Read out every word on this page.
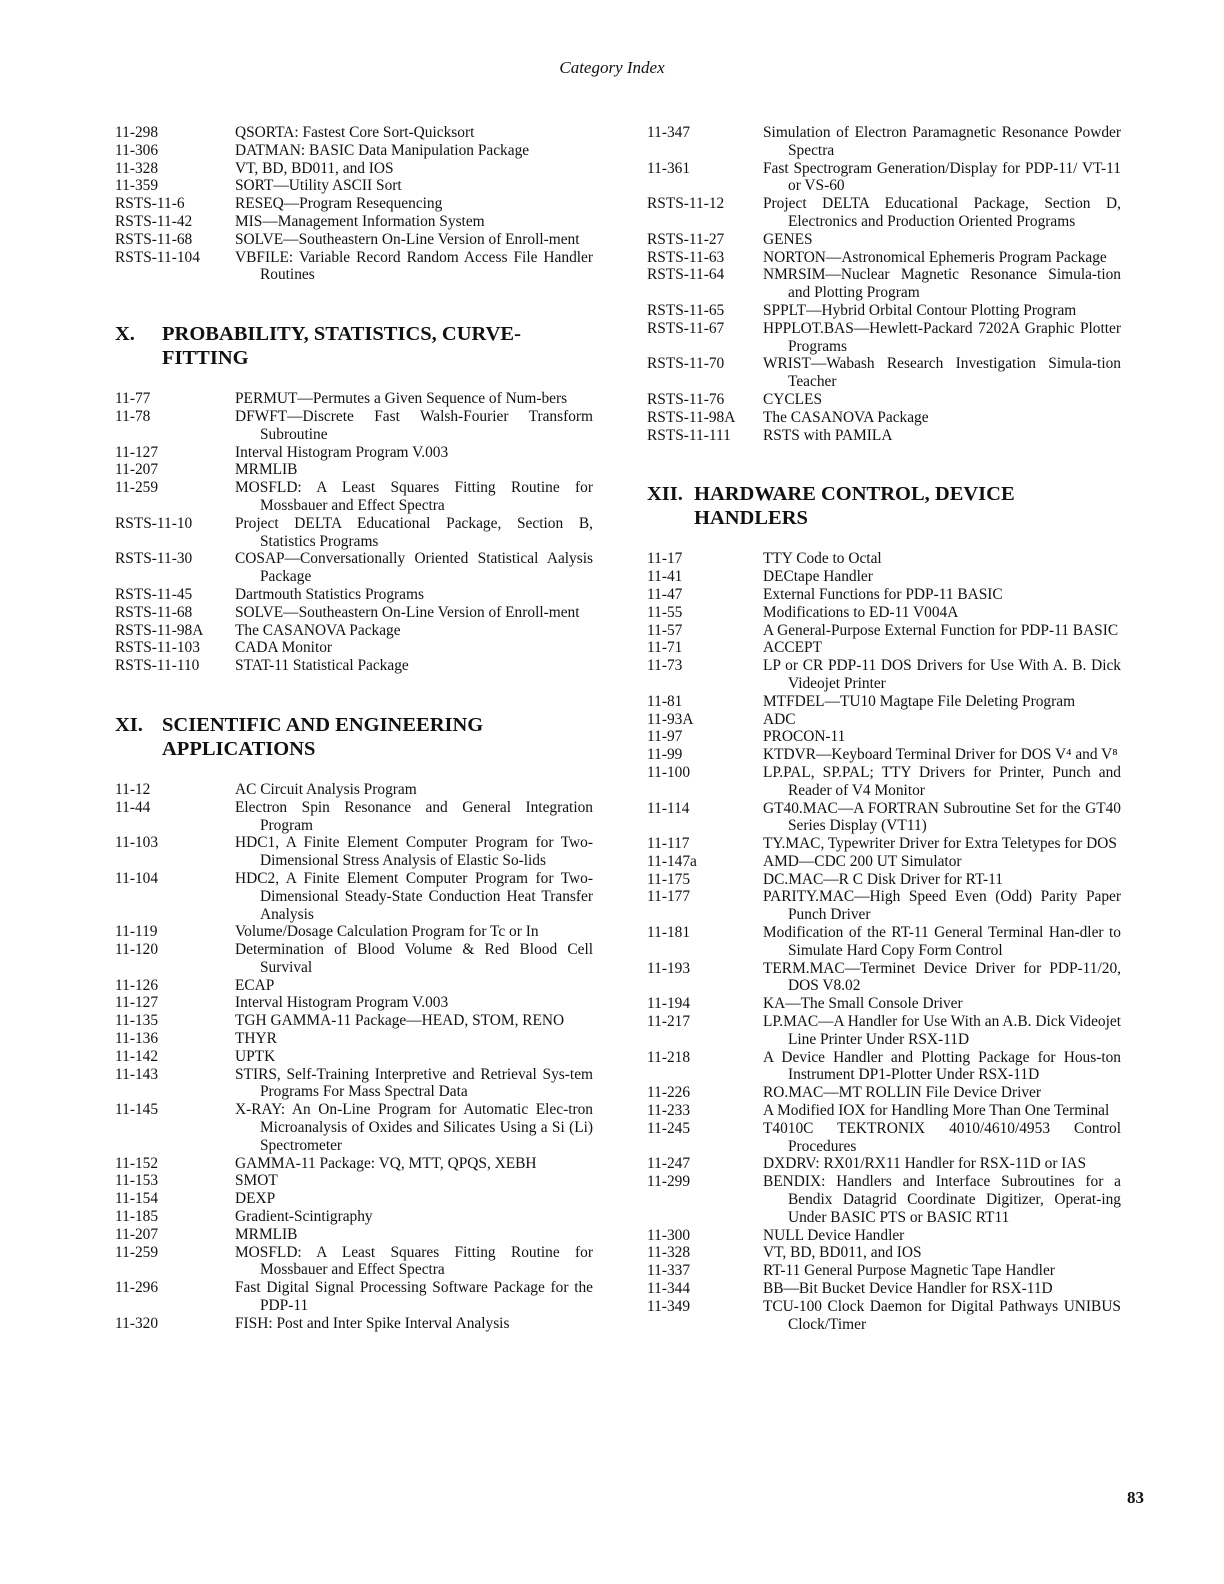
Category Index
11-298	QSORTA: Fastest Core Sort-Quicksort
11-306	DATMAN: BASIC Data Manipulation Package
11-328	VT, BD, BD011, and IOS
11-359	SORT—Utility ASCII Sort
RSTS-11-6	RESEQ—Program Resequencing
RSTS-11-42	MIS—Management Information System
RSTS-11-68	SOLVE—Southeastern On-Line Version of Enroll-ment
RSTS-11-104	VBFILE: Variable Record Random Access File Handler Routines
X.	PROBABILITY, STATISTICS, CURVE-FITTING
11-77	PERMUT—Permutes a Given Sequence of Num-bers
11-78	DFWFT—Discrete Fast Walsh-Fourier Transform Subroutine
11-127	Interval Histogram Program V.003
11-207	MRMLIB
11-259	MOSFLD: A Least Squares Fitting Routine for Mossbauer and Effect Spectra
RSTS-11-10	Project DELTA Educational Package, Section B, Statistics Programs
RSTS-11-30	COSAP—Conversationally Oriented Statistical Aalysis Package
RSTS-11-45	Dartmouth Statistics Programs
RSTS-11-68	SOLVE—Southeastern On-Line Version of Enroll-ment
RSTS-11-98A	The CASANOVA Package
RSTS-11-103	CADA Monitor
RSTS-11-110	STAT-11 Statistical Package
XI. SCIENTIFIC AND ENGINEERING APPLICATIONS
11-12	AC Circuit Analysis Program
11-44	Electron Spin Resonance and General Integration Program
11-103	HDC1, A Finite Element Computer Program for Two-Dimensional Stress Analysis of Elastic So-lids
11-104	HDC2, A Finite Element Computer Program for Two-Dimensional Steady-State Conduction Heat Transfer Analysis
11-119	Volume/Dosage Calculation Program for Tc or In
11-120	Determination of Blood Volume & Red Blood Cell Survival
11-126	ECAP
11-127	Interval Histogram Program V.003
11-135	TGH GAMMA-11 Package—HEAD, STOM, RENO
11-136	THYR
11-142	UPTK
11-143	STIRS, Self-Training Interpretive and Retrieval Sys-tem Programs For Mass Spectral Data
11-145	X-RAY: An On-Line Program for Automatic Elec-tron Microanalysis of Oxides and Silicates Using a Si (Li) Spectrometer
11-152	GAMMA-11 Package: VQ, MTT, QPQS, XEBH
11-153	SMOT
11-154	DEXP
11-185	Gradient-Scintigraphy
11-207	MRMLIB
11-259	MOSFLD: A Least Squares Fitting Routine for Mossbauer and Effect Spectra
11-296	Fast Digital Signal Processing Software Package for the PDP-11
11-320	FISH: Post and Inter Spike Interval Analysis
11-347	Simulation of Electron Paramagnetic Resonance Powder Spectra
11-361	Fast Spectrogram Generation/Display for PDP-11/ VT-11 or VS-60
RSTS-11-12	Project DELTA Educational Package, Section D, Electronics and Production Oriented Programs
RSTS-11-27	GENES
RSTS-11-63	NORTON—Astronomical Ephemeris Program Package
RSTS-11-64	NMRSIM—Nuclear Magnetic Resonance Simula-tion and Plotting Program
RSTS-11-65	SPPLT—Hybrid Orbital Contour Plotting Program
RSTS-11-67	HPPLOT.BAS—Hewlett-Packard 7202A Graphic Plotter Programs
RSTS-11-70	WRIST—Wabash Research Investigation Simula-tion Teacher
RSTS-11-76	CYCLES
RSTS-11-98A	The CASANOVA Package
RSTS-11-111	RSTS with PAMILA
XII. HARDWARE CONTROL, DEVICE HANDLERS
11-17	TTY Code to Octal
11-41	DECtape Handler
11-47	External Functions for PDP-11 BASIC
11-55	Modifications to ED-11 V004A
11-57	A General-Purpose External Function for PDP-11 BASIC
11-71	ACCEPT
11-73	LP or CR PDP-11 DOS Drivers for Use With A. B. Dick Videojet Printer
11-81	MTFDEL—TU10 Magtape File Deleting Program
11-93A	ADC
11-97	PROCON-11
11-99	KTDVR—Keyboard Terminal Driver for DOS V⁴ and V⁸
11-100	LP.PAL, SP.PAL; TTY Drivers for Printer, Punch and Reader of V4 Monitor
11-114	GT40.MAC—A FORTRAN Subroutine Set for the GT40 Series Display (VT11)
11-117	TY.MAC, Typewriter Driver for Extra Teletypes for DOS
11-147a	AMD—CDC 200 UT Simulator
11-175	DC.MAC—R C Disk Driver for RT-11
11-177	PARITY.MAC—High Speed Even (Odd) Parity Paper Punch Driver
11-181	Modification of the RT-11 General Terminal Han-dler to Simulate Hard Copy Form Control
11-193	TERM.MAC—Terminet Device Driver for PDP-11/20, DOS V8.02
11-194	KA—The Small Console Driver
11-217	LP.MAC—A Handler for Use With an A.B. Dick Videojet Line Printer Under RSX-11D
11-218	A Device Handler and Plotting Package for Hous-ton Instrument DP1-Plotter Under RSX-11D
11-226	RO.MAC—MT ROLLIN File Device Driver
11-233	A Modified IOX for Handling More Than One Terminal
11-245	T4010C TEKTRONIX 4010/4610/4953 Control Procedures
11-247	DXDRV: RX01/RX11 Handler for RSX-11D or IAS
11-299	BENDIX: Handlers and Interface Subroutines for a Bendix Datagrid Coordinate Digitizer, Operat-ing Under BASIC PTS or BASIC RT11
11-300	NULL Device Handler
11-328	VT, BD, BD011, and IOS
11-337	RT-11 General Purpose Magnetic Tape Handler
11-344	BB—Bit Bucket Device Handler for RSX-11D
11-349	TCU-100 Clock Daemon for Digital Pathways UNIBUS Clock/Timer
83
